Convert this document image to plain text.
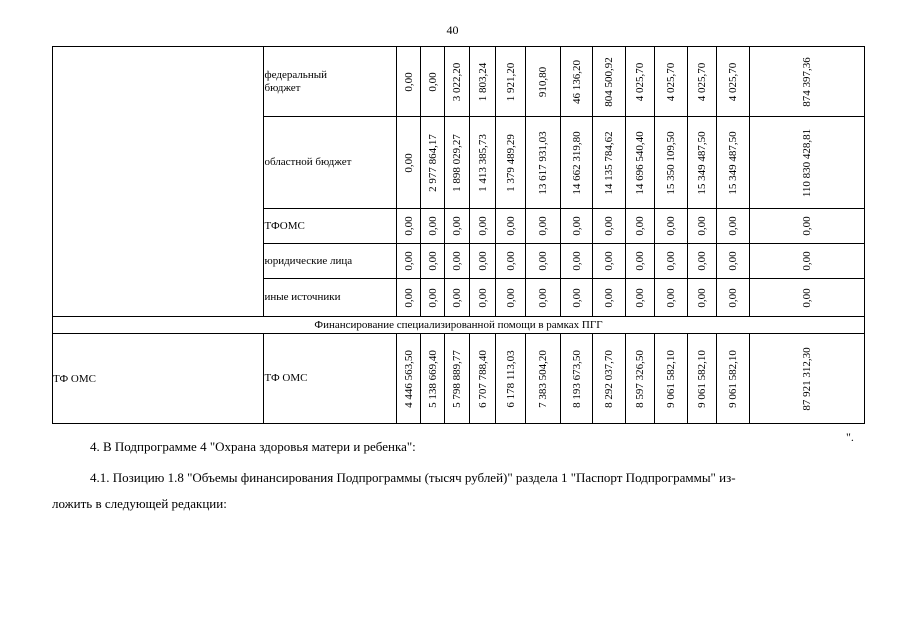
40

	федеральный
бюджет	0,00	0,00	3 022,20	1 803,24	1 921,20	910,80	46 136,20	804 500,92	4 025,70	4 025,70	4 025,70	4 025,70	874 397,36

	областной бюджет	0,00	2 977 864,17	1 898 029,27	1 413 385,73	1 379 489,29	13 617 931,03	14 662 319,80	14 135 784,62	14 696 540,40	15 350 109,50	15 349 487,50	15 349 487,50	110 830 428,81

	ТФОМС	0,00	0,00	0,00	0,00	0,00	0,00	0,00	0,00	0,00	0,00	0,00	0,00	0,00

	юридические лица	0,00	0,00	0,00	0,00	0,00	0,00	0,00	0,00	0,00	0,00	0,00	0,00	0,00

	иные источники	0,00	0,00	0,00	0,00	0,00	0,00	0,00	0,00	0,00	0,00	0,00	0,00	0,00

Финансирование специализированной помощи в рамках ПГГ														
ТФ ОМС	ТФ ОМС	4 446 563,50	5 138 669,40	5 798 889,77	6 707 788,40	6 178 113,03	7 383 504,20	8 193 673,50	8 292 037,70	8 597 326,50	9 061 582,10	9 061 582,10	9 061 582,10	87 921 312,30
".
4. В Подпрограмме 4 "Охрана здоровья матери и ребенка":
4.1. Позицию 1.8 "Объемы финансирования Подпрограммы (тысяч рублей)" раздела 1 "Паспорт Подпрограммы" из-
ложить в следующей редакции:
